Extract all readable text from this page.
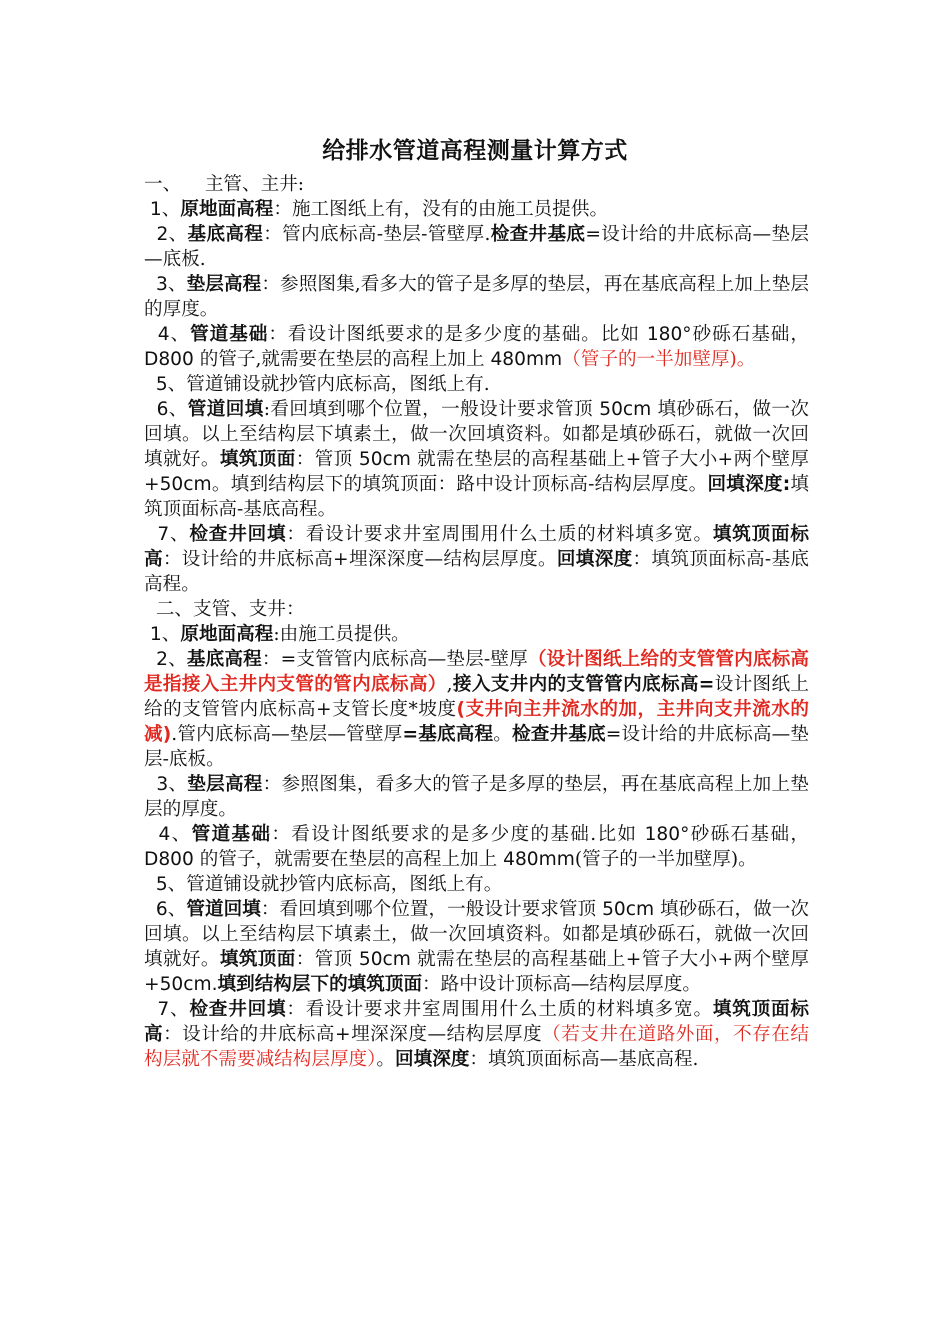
给排水管道高程测量计算方式

一、    主管、主井:

1、原地面高程：施工图纸上有，没有的由施工员提供。

2、基底高程：管内底标高-垫层-管壁厚.检查井基底=设计给的井底标高—垫层—底板.

3、垫层高程：参照图集,看多大的管子是多厚的垫层，再在基底高程上加上垫层的厚度。

4、管道基础：看设计图纸要求的是多少度的基础。比如 180°砂砾石基础，D800 的管子,就需要在垫层的高程上加上 480mm（管子的一半加壁厚)。

5、管道铺设就抄管内底标高，图纸上有.

6、管道回填:看回填到哪个位置，一般设计要求管顶 50cm 填砂砾石，做一次回填。以上至结构层下填素土，做一次回填资料。如都是填砂砾石，就做一次回填就好。填筑顶面：管顶 50cm 就需在垫层的高程基础上+管子大小+两个壁厚+50cm。填到结构层下的填筑顶面：路中设计顶标高-结构层厚度。回填深度:填筑顶面标高-基底高程。

7、检查井回填：看设计要求井室周围用什么土质的材料填多宽。填筑顶面标高：设计给的井底标高+埋深深度—结构层厚度。回填深度：填筑顶面标高-基底高程。

二、支管、支井：

1、原地面高程:由施工员提供。

2、基底高程：=支管管内底标高—垫层-壁厚（设计图纸上给的支管管内底标高是指接入主井内支管的管内底标高）,接入支井内的支管管内底标高=设计图纸上给的支管管内底标高+支管长度*坡度(支井向主井流水的加，主井向支井流水的减).管内底标高—垫层—管壁厚=基底高程。检查井基底=设计给的井底标高—垫层-底板。

3、垫层高程：参照图集，看多大的管子是多厚的垫层，再在基底高程上加上垫层的厚度。

4、管道基础：看设计图纸要求的是多少度的基础.比如 180°砂砾石基础，D800 的管子，就需要在垫层的高程上加上 480mm(管子的一半加壁厚)。

5、管道铺设就抄管内底标高，图纸上有。

6、管道回填：看回填到哪个位置，一般设计要求管顶 50cm 填砂砾石，做一次回填。以上至结构层下填素土，做一次回填资料。如都是填砂砾石，就做一次回填就好。填筑顶面：管顶 50cm 就需在垫层的高程基础上+管子大小+两个壁厚+50cm.填到结构层下的填筑顶面：路中设计顶标高—结构层厚度。

7、检查井回填：看设计要求井室周围用什么土质的材料填多宽。填筑顶面标高：设计给的井底标高+埋深深度—结构层厚度（若支井在道路外面，不存在结构层就不需要减结构层厚度）。回填深度：填筑顶面标高—基底高程.
